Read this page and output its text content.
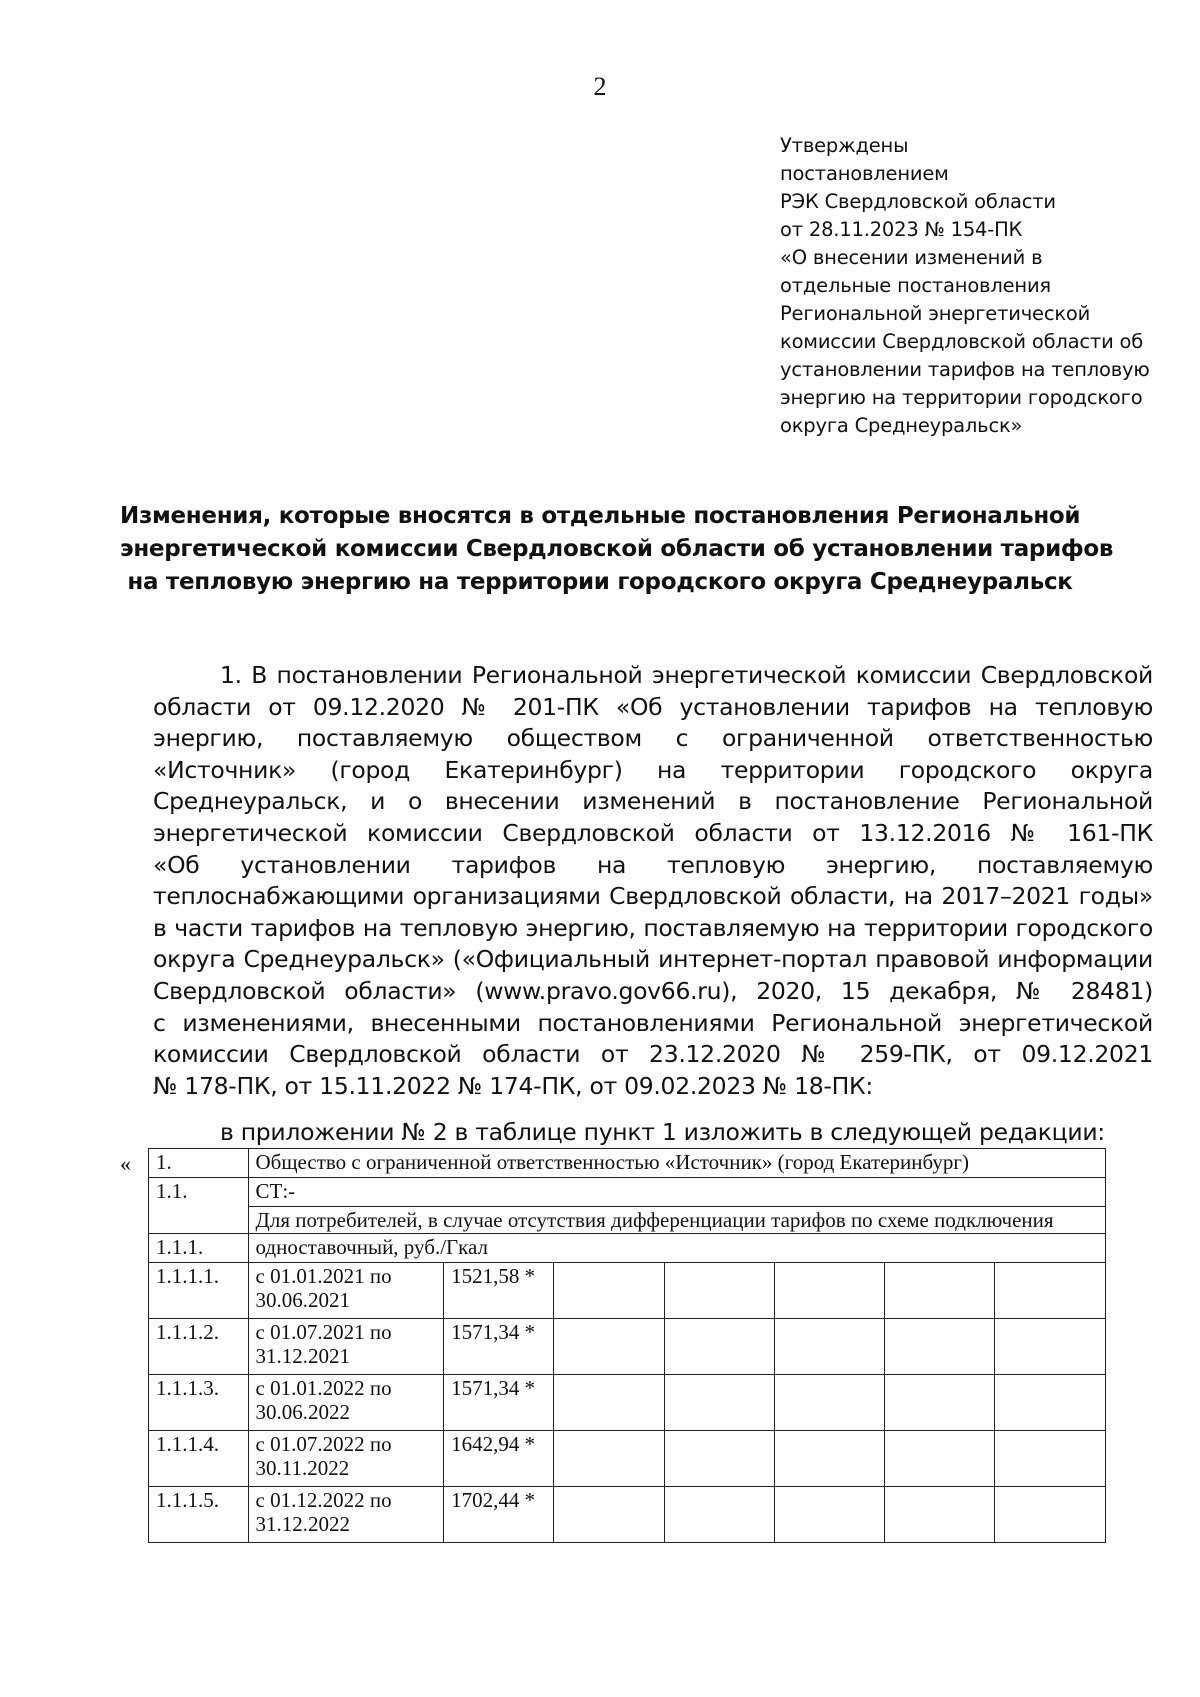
2
Утверждены
постановлением
РЭК Свердловской области
от 28.11.2023 № 154-ПК
«О внесении изменений в
отдельные постановления
Региональной энергетической
комиссии Свердловской области об
установлении тарифов на тепловую
энергию на территории городского
округа Среднеуральск»
Изменения, которые вносятся в отдельные постановления Региональной
энергетической комиссии Свердловской области об установлении тарифов
на тепловую энергию на территории городского округа Среднеуральск
1. В постановлении Региональной энергетической комиссии Свердловской
области от 09.12.2020 № 201-ПК «Об установлении тарифов на тепловую
энергию, поставляемую обществом с ограниченной ответственностью
«Источник» (город Екатеринбург) на территории городского округа
Среднеуральск, и о внесении изменений в постановление Региональной
энергетической комиссии Свердловской области от 13.12.2016 № 161-ПК
«Об установлении тарифов на тепловую энергию, поставляемую
теплоснабжающими организациями Свердловской области, на 2017–2021 годы»
в части тарифов на тепловую энергию, поставляемую на территории городского
округа Среднеуральск» («Официальный интернет-портал правовой информации
Свердловской области» (www.pravo.gov66.ru), 2020, 15 декабря, № 28481)
с изменениями, внесенными постановлениями Региональной энергетической
комиссии Свердловской области от 23.12.2020 № 259-ПК, от 09.12.2021
№ 178-ПК, от 15.11.2022 № 174-ПК, от 09.02.2023 № 18-ПК:
в приложении № 2 в таблице пункт 1 изложить в следующей редакции:
« 1.	Общество с ограниченной ответственностью «Источник» (город Екатеринбург)						
1.1.	СТ:-						
	Для потребителей, в случае отсутствия дифференциации тарифов по схеме подключения						
1.1.1.	одноставочный, руб./Гкал						
1.1.1.1.	с 01.01.2021 по
30.06.2021	1521,58 *					
1.1.1.2.	с 01.07.2021 по
31.12.2021	1571,34 *					
1.1.1.3.	с 01.01.2022 по
30.06.2022	1571,34 *					
1.1.1.4.	с 01.07.2022 по
30.11.2022	1642,94 *					
1.1.1.5.	с 01.12.2022 по
31.12.2022	1702,44 *					
